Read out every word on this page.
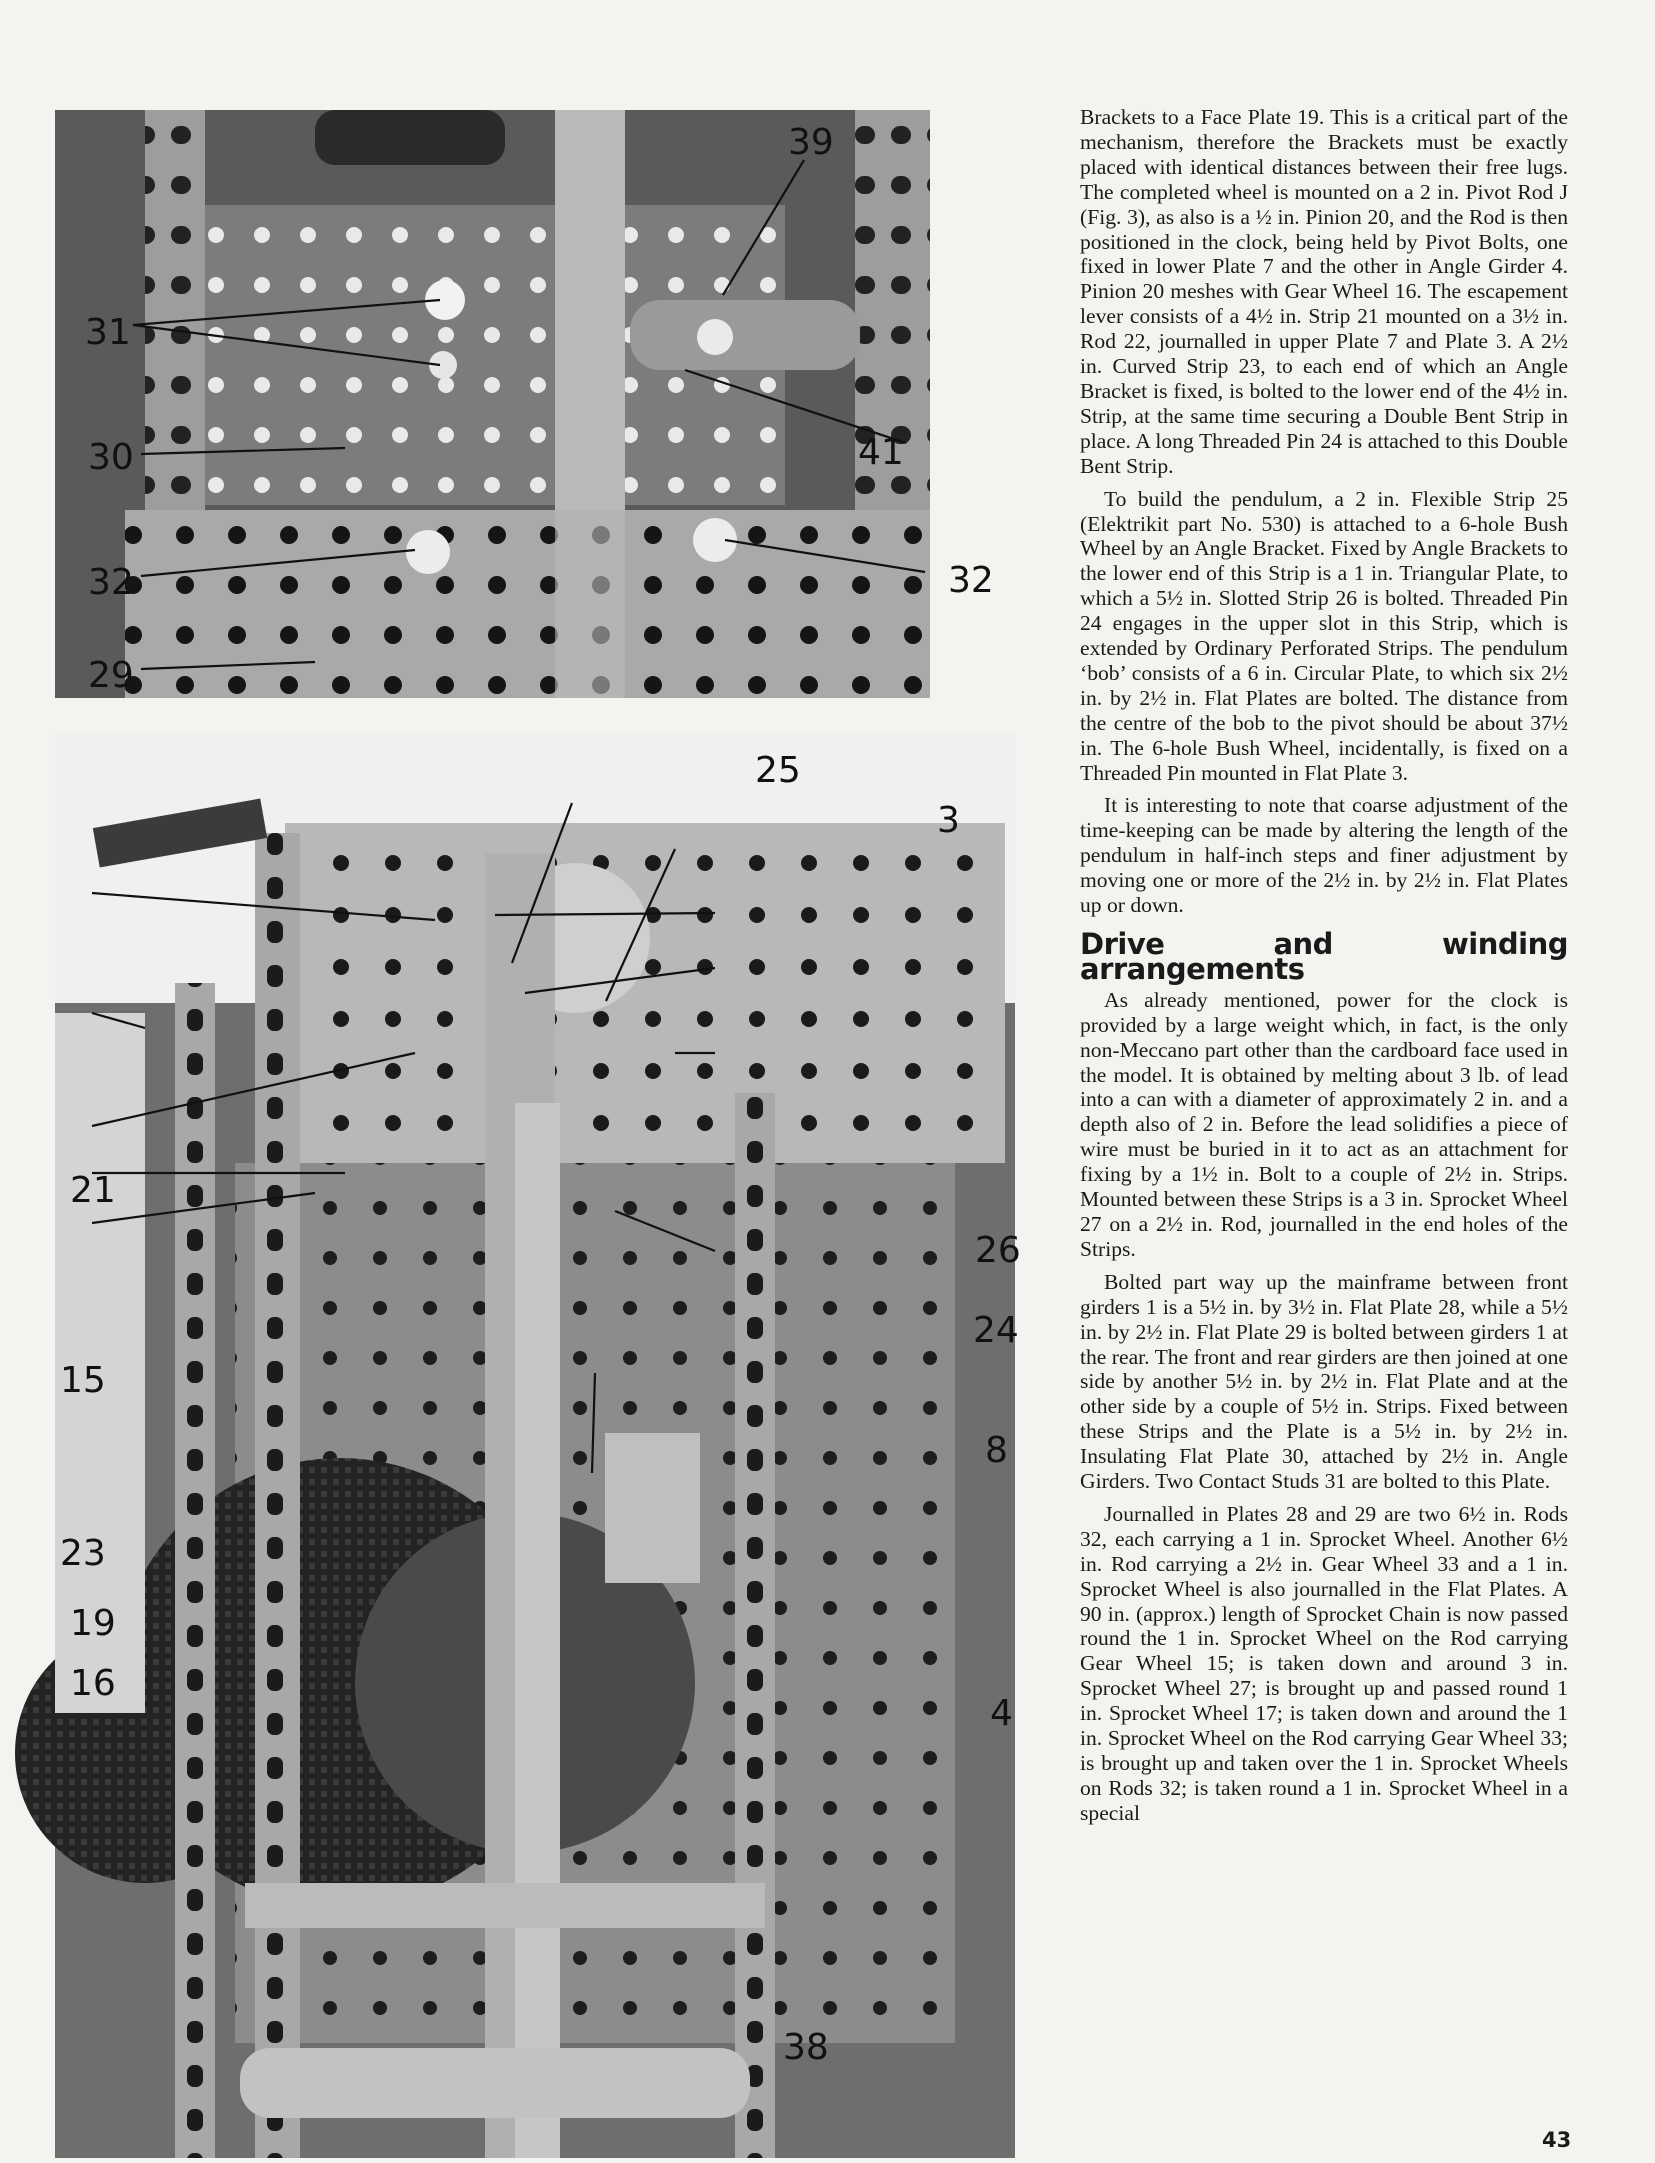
39
31
30	41
32	32
29
25
3
21
26
24
15
8
23
19
16
4
38

Brackets to a Face Plate 19. This is a critical part of the mechanism, therefore the Brackets must be exactly placed with identical distances between their free lugs. The completed wheel is mounted on a 2 in. Pivot Rod J (Fig. 3), as also is a ½ in. Pinion 20, and the Rod is then positioned in the clock, being held by Pivot Bolts, one fixed in lower Plate 7 and the other in Angle Girder 4. Pinion 20 meshes with Gear Wheel 16. The escapement lever consists of a 4½ in. Strip 21 mounted on a 3½ in. Rod 22, journalled in upper Plate 7 and Plate 3. A 2½ in. Curved Strip 23, to each end of which an Angle Bracket is fixed, is bolted to the lower end of the 4½ in. Strip, at the same time securing a Double Bent Strip in place. A long Threaded Pin 24 is attached to this Double Bent Strip.

To build the pendulum, a 2 in. Flexible Strip 25 (Elektrikit part No. 530) is attached to a 6-hole Bush Wheel by an Angle Bracket. Fixed by Angle Brackets to the lower end of this Strip is a 1 in. Triangular Plate, to which a 5½ in. Slotted Strip 26 is bolted. Threaded Pin 24 engages in the upper slot in this Strip, which is extended by Ordinary Perforated Strips. The pendulum ‘bob’ consists of a 6 in. Circular Plate, to which six 2½ in. by 2½ in. Flat Plates are bolted. The distance from the centre of the bob to the pivot should be about 37½ in. The 6-hole Bush Wheel, incidentally, is fixed on a Threaded Pin mounted in Flat Plate 3.

It is interesting to note that coarse adjustment of the time-keeping can be made by altering the length of the pendulum in half-inch steps and finer adjustment by moving one or more of the 2½ in. by 2½ in. Flat Plates up or down.

Drive and winding arrangements

As already mentioned, power for the clock is provided by a large weight which, in fact, is the only non-Meccano part other than the cardboard face used in the model. It is obtained by melting about 3 lb. of lead into a can with a diameter of approximately 2 in. and a depth also of 2 in. Before the lead solidifies a piece of wire must be buried in it to act as an attachment for fixing by a 1½ in. Bolt to a couple of 2½ in. Strips. Mounted between these Strips is a 3 in. Sprocket Wheel 27 on a 2½ in. Rod, journalled in the end holes of the Strips.

Bolted part way up the mainframe between front girders 1 is a 5½ in. by 3½ in. Flat Plate 28, while a 5½ in. by 2½ in. Flat Plate 29 is bolted between girders 1 at the rear. The front and rear girders are then joined at one side by another 5½ in. by 2½ in. Flat Plate and at the other side by a couple of 5½ in. Strips. Fixed between these Strips and the Plate is a 5½ in. by 2½ in. Insulating Flat Plate 30, attached by 2½ in. Angle Girders. Two Contact Studs 31 are bolted to this Plate.

Journalled in Plates 28 and 29 are two 6½ in. Rods 32, each carrying a 1 in. Sprocket Wheel. Another 6½ in. Rod carrying a 2½ in. Gear Wheel 33 and a 1 in. Sprocket Wheel is also journalled in the Flat Plates. A 90 in. (approx.) length of Sprocket Chain is now passed round the 1 in. Sprocket Wheel on the Rod carrying Gear Wheel 15; is taken down and around 3 in. Sprocket Wheel 27; is brought up and passed round 1 in. Sprocket Wheel 17; is taken down and around the 1 in. Sprocket Wheel on the Rod carrying Gear Wheel 33; is brought up and taken over the 1 in. Sprocket Wheels on Rods 32; is taken round a 1 in. Sprocket Wheel in a special

43
